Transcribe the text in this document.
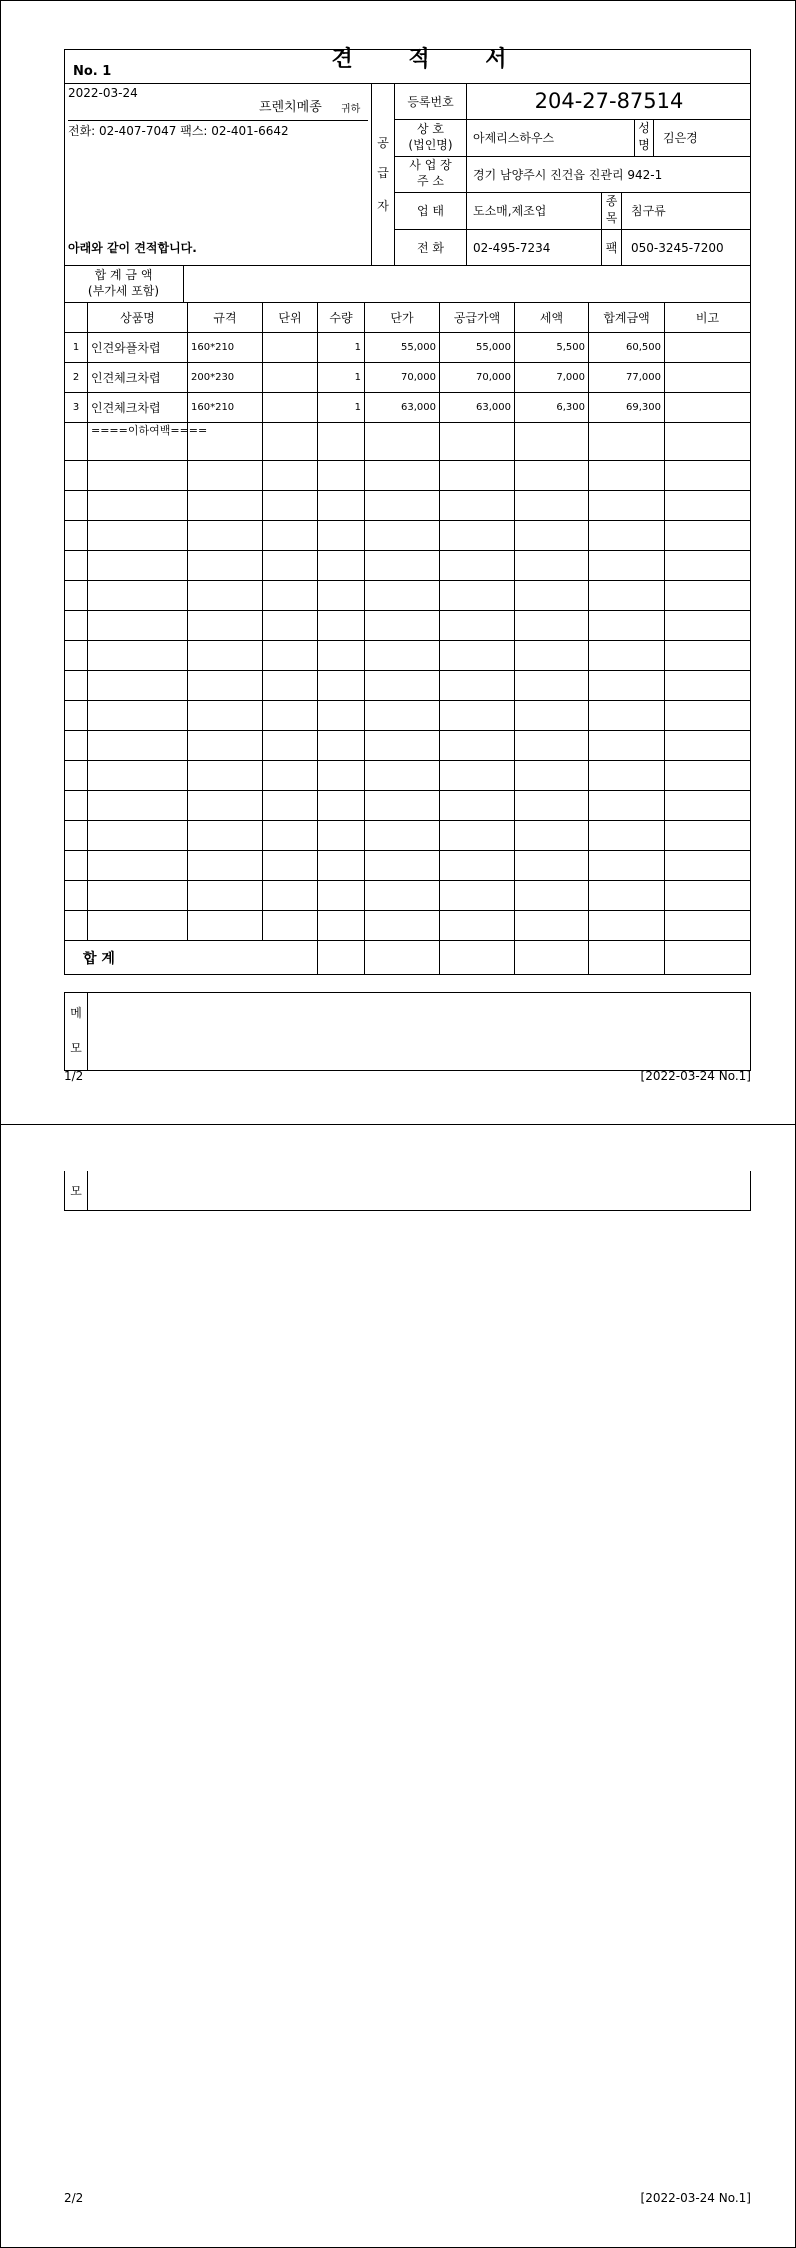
No. 1	견 적 서
2022-03-24
프렌치메종 귀하
전화: 02-407-7047 팩스: 02-401-6642
아래와 같이 견적합니다.
공
급
자
등록번호	204-27-87514
상 호
(법인명)	아제리스하우스
성
명 김은경
사 업 장
주 소	경기 남양주시 진건읍 진관리 942-1
업 태	도소매,제조업
종
목	침구류
전 화	02-495-7234	팩	050-3245-7200
합 계 금 액
(부가세 포함)
	상품명	규격	단위	수량	단가	공급가액	세액	합계금액	비고
1	인견와플차렵	160*210		1	55,000	55,000	5,500	60,500	
2	인견체크차렵	200*230		1	70,000	70,000	7,000	77,000	
3	인견체크차렵	160*210		1	63,000	63,000	6,300	69,300	
	====이하여백====								

합 계									
메
모
1/2	[2022-03-24 No.1]
모
2/2	[2022-03-24 No.1]
